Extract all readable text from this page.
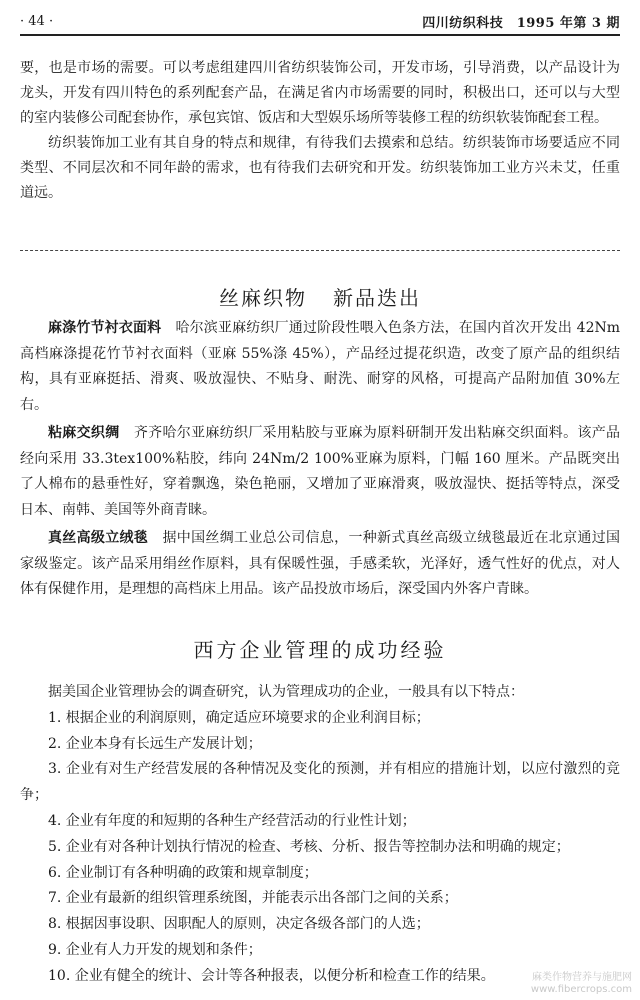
· 44 ·	四川纺织科技　1995 年第 3 期

要，也是市场的需要。可以考虑组建四川省纺织装饰公司，开发市场，引导消费，以产品设计为龙头，开发有四川特色的系列配套产品，在满足省内市场需要的同时，积极出口，还可以与大型的室内装修公司配套协作，承包宾馆、饭店和大型娱乐场所等装修工程的纺织软装饰配套工程。

纺织装饰加工业有其自身的特点和规律，有待我们去摸索和总结。纺织装饰市场要适应不同类型、不同层次和不同年龄的需求，也有待我们去研究和开发。纺织装饰加工业方兴未艾，任重道远。

丝麻织物 新品迭出

麻涤竹节衬衣面料　 哈尔滨亚麻纺织厂通过阶段性喂入色条方法，在国内首次开发出 42Nm 高档麻涤提花竹节衬衣面料（亚麻 55%涤 45%），产品经过提花织造，改变了原产品的组织结构，具有亚麻挺括、滑爽、吸放湿快、不贴身、耐洗、耐穿的风格，可提高产品附加值 30%左右。

粘麻交织绸　 齐齐哈尔亚麻纺织厂采用粘胶与亚麻为原料研制开发出粘麻交织面料。该产品经向采用 33.3tex100%粘胶，纬向 24Nm/2 100%亚麻为原料，门幅 160 厘米。产品既突出了人棉布的悬垂性好，穿着飘逸，染色艳丽，又增加了亚麻滑爽，吸放湿快、挺括等特点，深受日本、南韩、美国等外商青睐。

真丝高级立绒毯　 据中国丝绸工业总公司信息，一种新式真丝高级立绒毯最近在北京通过国家级鉴定。该产品采用绢丝作原料，具有保暖性强，手感柔软，光泽好，透气性好的优点，对人体有保健作用，是理想的高档床上用品。该产品投放市场后，深受国内外客户青睐。

西方企业管理的成功经验

据美国企业管理协会的调查研究，认为管理成功的企业，一般具有以下特点：

1. 根据企业的利润原则，确定适应环境要求的企业利润目标；

2. 企业本身有长远生产发展计划；

3. 企业有对生产经营发展的各种情况及变化的预测，并有相应的措施计划，以应付激烈的竞争；

4. 企业有年度的和短期的各种生产经营活动的行业性计划；

5. 企业有对各种计划执行情况的检查、考核、分析、报告等控制办法和明确的规定；

6. 企业制订有各种明确的政策和规章制度；

7. 企业有最新的组织管理系统图，并能表示出各部门之间的关系；

8. 根据因事设职、因职配人的原则，决定各级各部门的人选；

9. 企业有人力开发的规划和条件；

10. 企业有健全的统计、会计等各种报表，以便分析和检查工作的结果。	麻类作物营养与施肥网
www.fibercrops.com
